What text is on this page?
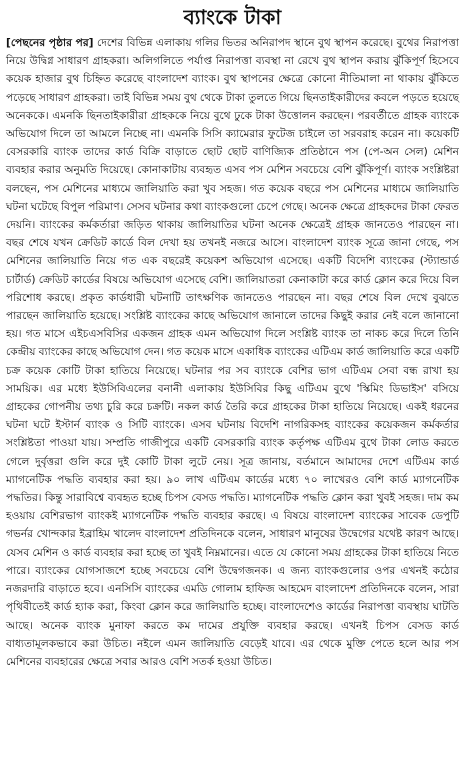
ব্যাংকে টাকা

[পেছনের পৃষ্ঠার পর] দেশের বিভিন্ন এলাকায় গলির ভিতর অনিরাপদ স্থানে বুথ স্থাপন করেছে। বুথের নিরাপত্তা নিয়ে উদ্বিগ্ন সাধারণ গ্রাহকরা। অলিগলিতে পর্যাপ্ত নিরাপত্তা ব্যবস্থা না রেখে বুথ স্থাপন করায় ঝুঁকিপূর্ণ হিসেবে কয়েক হাজার বুথ চিহ্নিত করেছে বাংলাদেশ ব্যাংক। বুথ স্থাপনের ক্ষেত্রে কোনো নীতিমালা না থাকায় ঝুঁকিতে পড়েছে সাধারণ গ্রাহকরা। তাই বিভিন্ন সময় বুথ থেকে টাকা তুলতে গিয়ে ছিনতাইকারীদের কবলে পড়তে হয়েছে অনেককে। এমনকি ছিনতাইকারীরা গ্রাহককে নিয়ে বুথে ঢুকে টাকা উত্তোলন করছেন। পরবর্তীতে গ্রাহক ব্যাংকে অভিযোগ দিলে তা আমলে নিচ্ছে না। এমনকি সিসি ক্যামেরার ফুটেজ চাইলে তা সরবরাহ করেন না। কয়েকটি বেসরকারি ব্যাংক তাদের কার্ড বিক্রি বাড়াতে ছোট ছোট বাণিজ্যিক প্রতিষ্ঠানে পস (পে-অন সেল) মেশিন ব্যবহার করার অনুমতি দিয়েছে। কোনাকাটায় ব্যবহৃত এসব পস মেশিন সবচেয়ে বেশি ঝুঁকিপূর্ণ। ব্যাংক সংশ্লিষ্টরা বলছেন, পস মেশিনের মাধ্যমে জালিয়াতি করা খুব সহজ। গত কয়েক বছরে পস মেশিনের মাধ্যমে জালিয়াতি ঘটনা ঘটেছে বিপুল পরিমাণ। সেসব ঘটনার কথা ব্যাংকগুলো চেপে গেছে। অনেক ক্ষেত্রে গ্রাহকদের টাকা ফেরত দেয়নি। ব্যাংকের কর্মকর্তারা জড়িত থাকায় জালিয়াতির ঘটনা অনেক ক্ষেত্রেই গ্রাহক জানতেও পারছেন না। বছর শেষে যখন ক্রেডিট কার্ডে বিল দেখা হয় তখনই নজরে আসে। বাংলাদেশ ব্যাংক সূত্রে জানা গেছে, পস মেশিনের জালিয়াতি নিয়ে গত এক বছরেই কয়েকশ অভিযোগ এসেছে। একটি বিদেশি ব্যাংকের (স্ট্যান্ডার্ড চার্টার্ড) ক্রেডিট কার্ডের বিষয়ে অভিযোগ এসেছে বেশি। জালিয়াতরা কেনাকাটা করে কার্ড ক্লোন করে দিয়ে বিল পরিশোধ করছে। প্রকৃত কার্ডধারী ঘটনাটি তাৎক্ষণিক জানতেও পারছেন না। বছর শেষে বিল দেখে বুঝতে পারছেন জালিয়াতি হয়েছে। সংশ্লিষ্ট ব্যাংকের কাছে অভিযোগ জানালে তাদের কিছুই করার নেই বলে জানানো হয়। গত মাসে এইচএসবিসির একজন গ্রাহক এমন অভিযোগ দিলে সংশ্লিষ্ট ব্যাংক তা নাকচ করে দিলে তিনি কেন্দ্রীয় ব্যাংকের কাছে অভিযোগ দেন। গত কয়েক মাসে একাধিক ব্যাংকের এটিএম কার্ড জালিয়াতি করে একটি চক্র কয়েক কোটি টাকা হাতিয়ে নিয়েছে। ঘটনার পর সব ব্যাংকে বেশির ভাগ এটিএম সেবা বন্ধ রাখা হয় সাময়িক। এর মধ্যে ইউসিবিএলের বনানী এলাকায় ইউসিবির কিছু এটিএম বুথে 'স্কিমিং ডিভাইস' বসিয়ে গ্রাহকের গোপনীয় তথ্য চুরি করে চক্রটি। নকল কার্ড তৈরি করে গ্রাহকের টাকা হাতিয়ে নিয়েছে। একই ধরনের ঘটনা ঘটে ইস্টার্ন ব্যাংক ও সিটি ব্যাংকে। এসব ঘটনায় বিদেশি নাগরিকসহ ব্যাংকের কয়েকজন কর্মকর্তার সংশ্লিষ্টতা পাওয়া যায়। সম্প্রতি গাজীপুরে একটি বেসরকারি ব্যাংক কর্তৃপক্ষ এটিএম বুথে টাকা লোড করতে গেলে দুর্বৃত্তরা গুলি করে দুই কোটি টাকা লুটে নেয়। সূত্র জানায়, বর্তমানে আমাদের দেশে এটিএম কার্ড ম্যাগনেটিক পদ্ধতি ব্যবহার করা হয়। ৯০ লাখ এটিএম কার্ডের মধ্যে ৭০ লাখেরও বেশি কার্ড ম্যাগনেটিক পদ্ধতির। কিন্তু সারাবিশ্বে ব্যবহৃত হচ্ছে চিপস বেসড পদ্ধতি। ম্যাগনেটিক পদ্ধতি ক্লোন করা খুবই সহজ। দাম কম হওয়ায় বেশিরভাগ ব্যাংকই ম্যাগনেটিক পদ্ধতি ব্যবহার করছে। এ বিষয়ে বাংলাদেশ ব্যাংকের সাবেক ডেপুটি গভর্নর খোন্দকার ইব্রাহিম খালেদ বাংলাদেশ প্রতিদিনকে বলেন, সাধারণ মানুষের উদ্বেগের যথেষ্ট কারণ আছে। যেসব মেশিন ও কার্ড ব্যবহার করা হচ্ছে তা খুবই নিম্নমানের। এতে যে কোনো সময় গ্রাহকের টাকা হাতিয়ে নিতে পারে। ব্যাংকের যোগসাজশে হচ্ছে সবচেয়ে বেশি উদ্বেগজনক। এ জন্য ব্যাংকগুলোর ওপর এখনই কঠোর নজরদারি বাড়াতে হবে। এনসিসি ব্যাংকের এমডি গোলাম হাফিজ আহমেদ বাংলাদেশ প্রতিদিনকে বলেন, সারা পৃথিবীতেই কার্ড হ্যাক করা, কিংবা ক্লোন করে জালিয়াতি হচ্ছে। বাংলাদেশেও কার্ডের নিরাপত্তা ব্যবস্থায় ঘাটতি আছে। অনেক ব্যাংক মুনাফা করতে কম দামের প্রযুক্তি ব্যবহার করছে। এখনই চিপস বেসড কার্ড বাধ্যতামূলকভাবে করা উচিত। নইলে এমন জালিয়াতি বেড়েই যাবে। এর থেকে মুক্তি পেতে হলে আর পস মেশিনের ব্যবহারের ক্ষেত্রে সবার আরও বেশি সতর্ক হওয়া উচিত।
